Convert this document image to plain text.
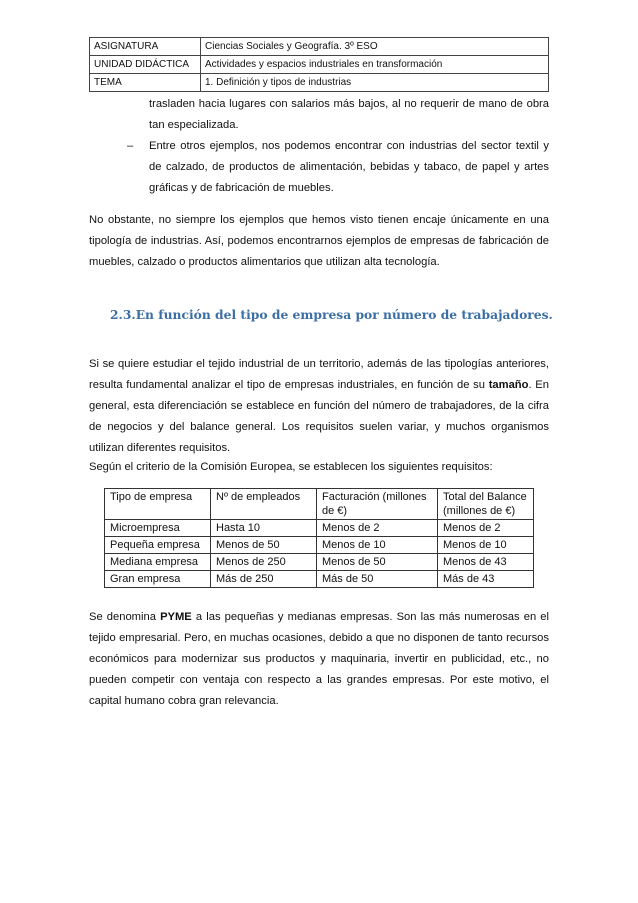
ASIGNATURA	Ciencias Sociales y Geografía. 3º ESO
UNIDAD DIDÁCTICA	Actividades y espacios industriales en transformación
TEMA	1. Definición y tipos de industrias
trasladen hacia lugares con salarios más bajos, al no requerir de mano de obra tan especializada.
– Entre otros ejemplos, nos podemos encontrar con industrias del sector textil y de calzado, de productos de alimentación, bebidas y tabaco, de papel y artes gráficas y de fabricación de muebles.
No obstante, no siempre los ejemplos que hemos visto tienen encaje únicamente en una tipología de industrias. Así, podemos encontrarnos ejemplos de empresas de fabricación de muebles, calzado o productos alimentarios que utilizan alta tecnología.
2.3.En función del tipo de empresa por número de trabajadores.
Si se quiere estudiar el tejido industrial de un territorio, además de las tipologías anteriores, resulta fundamental analizar el tipo de empresas industriales, en función de su tamaño. En general, esta diferenciación se establece en función del número de trabajadores, de la cifra de negocios y del balance general. Los requisitos suelen variar, y muchos organismos utilizan diferentes requisitos.
Según el criterio de la Comisión Europea, se establecen los siguientes requisitos:
Tipo de empresa	Nº de empleados	Facturación (millones de €)	Total del Balance (millones de €)
Microempresa	Hasta 10	Menos de 2	Menos de 2
Pequeña empresa	Menos de 50	Menos de 10	Menos de 10
Mediana empresa	Menos de 250	Menos de 50	Menos de 43
Gran empresa	Más de 250	Más de 50	Más de 43
Se denomina PYME a las pequeñas y medianas empresas. Son las más numerosas en el tejido empresarial. Pero, en muchas ocasiones, debido a que no disponen de tanto recursos económicos para modernizar sus productos y maquinaria, invertir en publicidad, etc., no pueden competir con ventaja con respecto a las grandes empresas. Por este motivo, el capital humano cobra gran relevancia.
